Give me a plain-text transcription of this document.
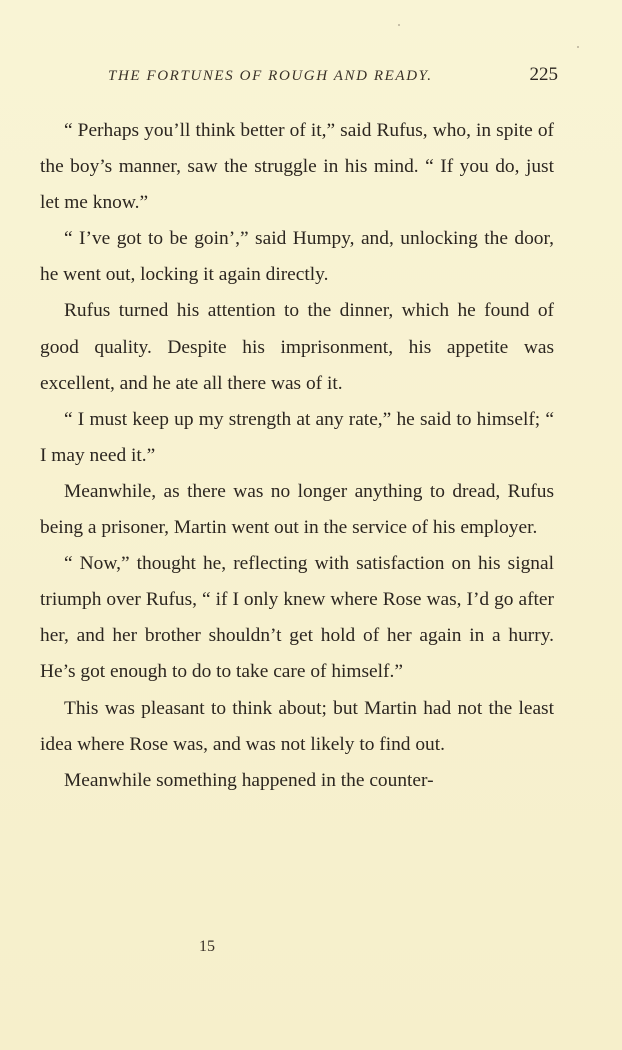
THE FORTUNES OF ROUGH AND READY.	225

“ Perhaps you’ll think better of it,” said Rufus, who, in spite of the boy’s manner, saw the struggle in his mind. “ If you do, just let me know.”

“ I’ve got to be goin’,” said Humpy, and, unlocking the door, he went out, locking it again directly.

Rufus turned his attention to the dinner, which he found of good quality. Despite his imprisonment, his appetite was excellent, and he ate all there was of it.

“ I must keep up my strength at any rate,” he said to himself; “ I may need it.”

Meanwhile, as there was no longer anything to dread, Rufus being a prisoner, Martin went out in the service of his employer.

“ Now,” thought he, reflecting with satisfaction on his signal triumph over Rufus, “ if I only knew where Rose was, I’d go after her, and her brother shouldn’t get hold of her again in a hurry. He’s got enough to do to take care of himself.”

This was pleasant to think about; but Martin had not the least idea where Rose was, and was not likely to find out.

Meanwhile something happened in the counter-

15
